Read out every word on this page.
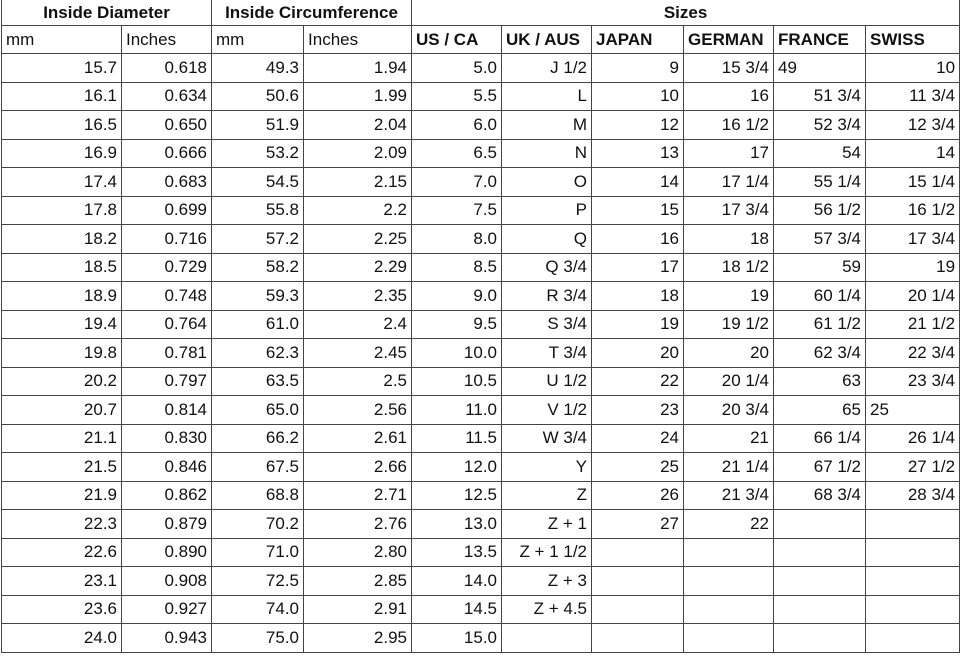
Inside Diameter		Inside Circumference		Sizes					
mm	Inches	mm	Inches	US / CA	UK / AUS	JAPAN	GERMAN	FRANCE	SWISS
15.7	0.618	49.3	1.94	5.0	J 1/2	9	15 3/4	49	10
16.1	0.634	50.6	1.99	5.5	L	10	16	51 3/4	11 3/4
16.5	0.650	51.9	2.04	6.0	M	12	16 1/2	52 3/4	12 3/4
16.9	0.666	53.2	2.09	6.5	N	13	17	54	14
17.4	0.683	54.5	2.15	7.0	O	14	17 1/4	55 1/4	15 1/4
17.8	0.699	55.8	2.2	7.5	P	15	17 3/4	56 1/2	16 1/2
18.2	0.716	57.2	2.25	8.0	Q	16	18	57 3/4	17 3/4
18.5	0.729	58.2	2.29	8.5	Q 3/4	17	18 1/2	59	19
18.9	0.748	59.3	2.35	9.0	R 3/4	18	19	60 1/4	20 1/4
19.4	0.764	61.0	2.4	9.5	S 3/4	19	19 1/2	61 1/2	21 1/2
19.8	0.781	62.3	2.45	10.0	T 3/4	20	20	62 3/4	22 3/4
20.2	0.797	63.5	2.5	10.5	U 1/2	22	20 1/4	63	23 3/4
20.7	0.814	65.0	2.56	11.0	V 1/2	23	20 3/4	65	25
21.1	0.830	66.2	2.61	11.5	W 3/4	24	21	66 1/4	26 1/4
21.5	0.846	67.5	2.66	12.0	Y	25	21 1/4	67 1/2	27 1/2
21.9	0.862	68.8	2.71	12.5	Z	26	21 3/4	68 3/4	28 3/4
22.3	0.879	70.2	2.76	13.0	Z + 1	27	22		
22.6	0.890	71.0	2.80	13.5	Z + 1 1/2				
23.1	0.908	72.5	2.85	14.0	Z + 3				
23.6	0.927	74.0	2.91	14.5	Z + 4.5				
24.0	0.943	75.0	2.95	15.0					
